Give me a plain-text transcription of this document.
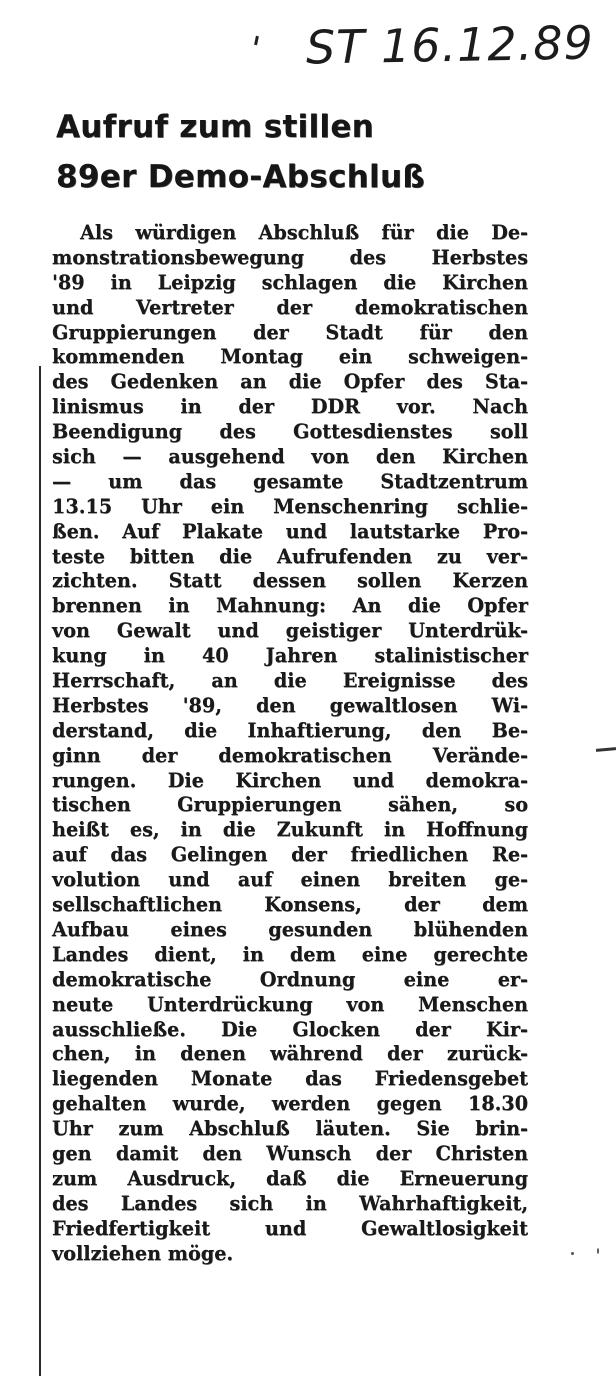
ST 16.12.89
Aufruf zum stillen
89er Demo-Abschluß
Als würdigen Abschluß für die De-
monstrationsbewegung des Herbstes
'89 in Leipzig schlagen die Kirchen
und Vertreter der demokratischen
Gruppierungen der Stadt für den
kommenden Montag ein schweigen-
des Gedenken an die Opfer des Sta-
linismus in der DDR vor. Nach
Beendigung des Gottesdienstes soll
sich — ausgehend von den Kirchen
— um das gesamte Stadtzentrum
13.15 Uhr ein Menschenring schlie-
ßen. Auf Plakate und lautstarke Pro-
teste bitten die Aufrufenden zu ver-
zichten. Statt dessen sollen Kerzen
brennen in Mahnung: An die Opfer
von Gewalt und geistiger Unterdrük-
kung in 40 Jahren stalinistischer
Herrschaft, an die Ereignisse des
Herbstes '89, den gewaltlosen Wi-
derstand, die Inhaftierung, den Be-
ginn der demokratischen Verände-
rungen. Die Kirchen und demokra-
tischen Gruppierungen sähen, so
heißt es, in die Zukunft in Hoffnung
auf das Gelingen der friedlichen Re-
volution und auf einen breiten ge-
sellschaftlichen Konsens, der dem
Aufbau eines gesunden blühenden
Landes dient, in dem eine gerechte
demokratische Ordnung eine er-
neute Unterdrückung von Menschen
ausschließe. Die Glocken der Kir-
chen, in denen während der zurück-
liegenden Monate das Friedensgebet
gehalten wurde, werden gegen 18.30
Uhr zum Abschluß läuten. Sie brin-
gen damit den Wunsch der Christen
zum Ausdruck, daß die Erneuerung
des Landes sich in Wahrhaftigkeit,
Friedfertigkeit und Gewaltlosigkeit
vollziehen möge.
